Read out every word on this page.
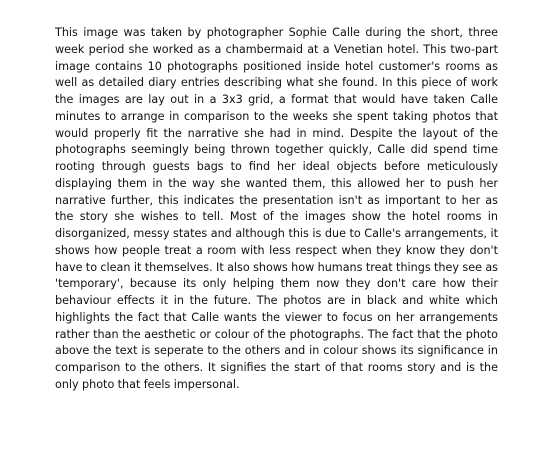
This image was taken by photographer Sophie Calle during the short, three week period she worked as a chambermaid at a Venetian hotel. This two-part image contains 10 photographs positioned inside hotel customer's rooms as well as detailed diary entries describing what she found. In this piece of work the images are lay out in a 3x3 grid, a format that would have taken Calle minutes to arrange in comparison to the weeks she spent taking photos that would properly fit the narrative she had in mind. Despite the layout of the photographs seemingly being thrown together quickly, Calle did spend time rooting through guests bags to find her ideal objects before meticulously displaying them in the way she wanted them, this allowed her to push her narrative further, this indicates the presentation isn't as important to her as the story she wishes to tell. Most of the images show the hotel rooms in disorganized, messy states and although this is due to Calle's arrangements, it shows how people treat a room with less respect when they know they don't have to clean it themselves. It also shows how humans treat things they see as 'temporary', because its only helping them now they don't care how their behaviour effects it in the future. The photos are in black and white which highlights the fact that Calle wants the viewer to focus on her arrangements rather than the aesthetic or colour of the photographs. The fact that the photo above the text is seperate to the others and in colour shows its significance in comparison to the others. It signifies the start of that rooms story and is the only photo that feels impersonal.
